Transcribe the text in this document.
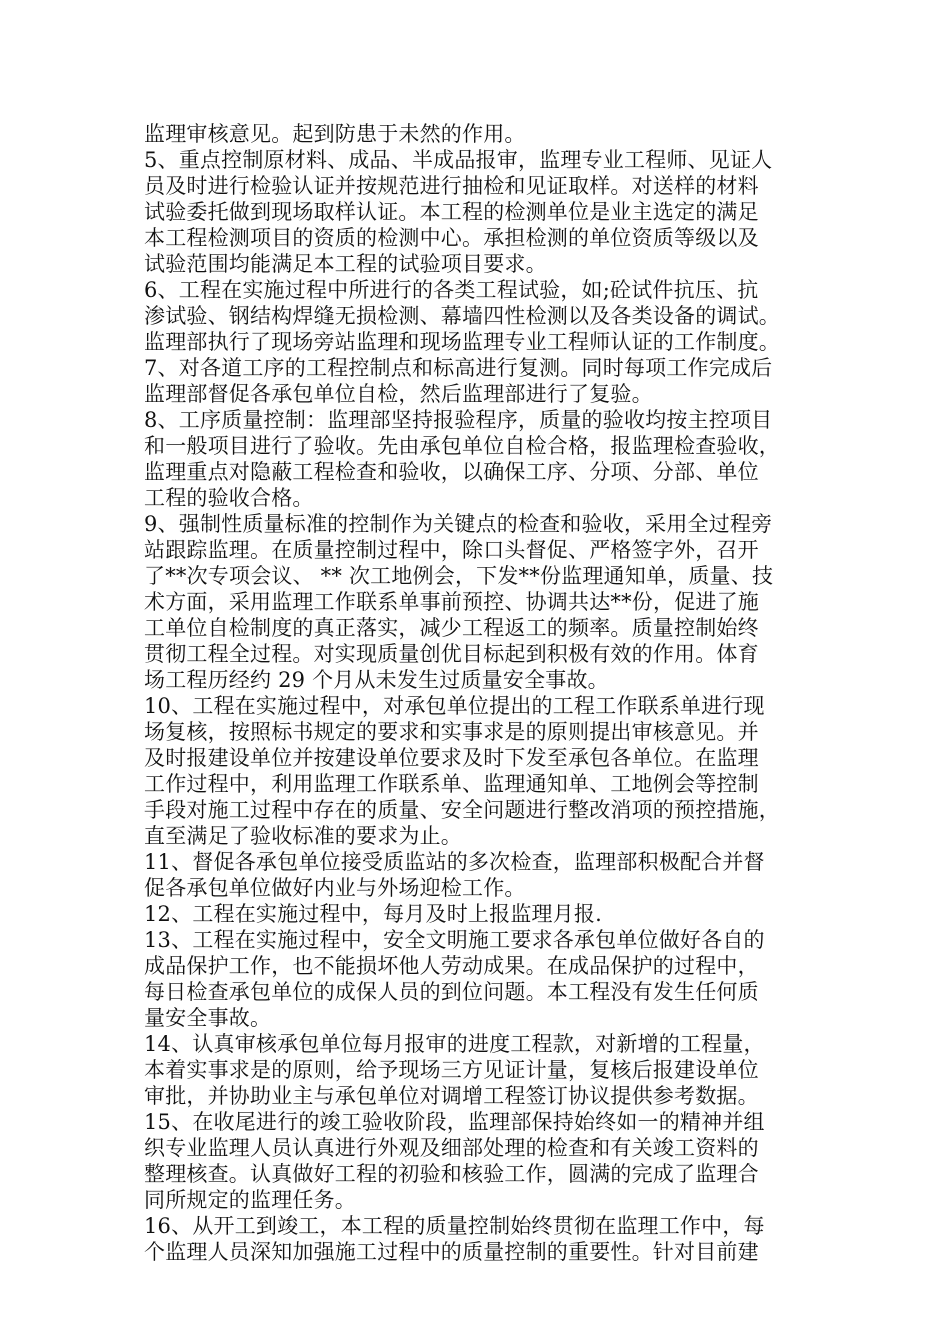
监理审核意见。起到防患于未然的作用。
5、重点控制原材料、成品、半成品报审，监理专业工程师、见证人
员及时进行检验认证并按规范进行抽检和见证取样。对送样的材料
试验委托做到现场取样认证。本工程的检测单位是业主选定的满足
本工程检测项目的资质的检测中心。承担检测的单位资质等级以及
试验范围均能满足本工程的试验项目要求。
6、工程在实施过程中所进行的各类工程试验，如;砼试件抗压、抗
渗试验、钢结构焊缝无损检测、幕墙四性检测以及各类设备的调试。
监理部执行了现场旁站监理和现场监理专业工程师认证的工作制度。
7、对各道工序的工程控制点和标高进行复测。同时每项工作完成后
监理部督促各承包单位自检，然后监理部进行了复验。
8、工序质量控制：监理部坚持报验程序，质量的验收均按主控项目
和一般项目进行了验收。先由承包单位自检合格，报监理检查验收，
监理重点对隐蔽工程检查和验收，以确保工序、分项、分部、单位
工程的验收合格。
9、强制性质量标准的控制作为关键点的检查和验收，采用全过程旁
站跟踪监理。在质量控制过程中，除口头督促、严格签字外，召开
了**次专项会议、 ** 次工地例会，下发**份监理通知单，质量、技
术方面，采用监理工作联系单事前预控、协调共达**份，促进了施
工单位自检制度的真正落实，减少工程返工的频率。质量控制始终
贯彻工程全过程。对实现质量创优目标起到积极有效的作用。体育
场工程历经约 29 个月从未发生过质量安全事故。
10、工程在实施过程中，对承包单位提出的工程工作联系单进行现
场复核，按照标书规定的要求和实事求是的原则提出审核意见。并
及时报建设单位并按建设单位要求及时下发至承包各单位。在监理
工作过程中，利用监理工作联系单、监理通知单、工地例会等控制
手段对施工过程中存在的质量、安全问题进行整改消项的预控措施，
直至满足了验收标准的要求为止。
11、督促各承包单位接受质监站的多次检查，监理部积极配合并督
促各承包单位做好内业与外场迎检工作。
12、工程在实施过程中，每月及时上报监理月报.
13、工程在实施过程中，安全文明施工要求各承包单位做好各自的
成品保护工作，也不能损坏他人劳动成果。在成品保护的过程中，
每日检查承包单位的成保人员的到位问题。本工程没有发生任何质
量安全事故。
14、认真审核承包单位每月报审的进度工程款，对新增的工程量，
本着实事求是的原则，给予现场三方见证计量，复核后报建设单位
审批，并协助业主与承包单位对调增工程签订协议提供参考数据。
15、在收尾进行的竣工验收阶段，监理部保持始终如一的精神并组
织专业监理人员认真进行外观及细部处理的检查和有关竣工资料的
整理核查。认真做好工程的初验和核验工作，圆满的完成了监理合
同所规定的监理任务。
16、从开工到竣工，本工程的质量控制始终贯彻在监理工作中，每
个监理人员深知加强施工过程中的质量控制的重要性。针对目前建
